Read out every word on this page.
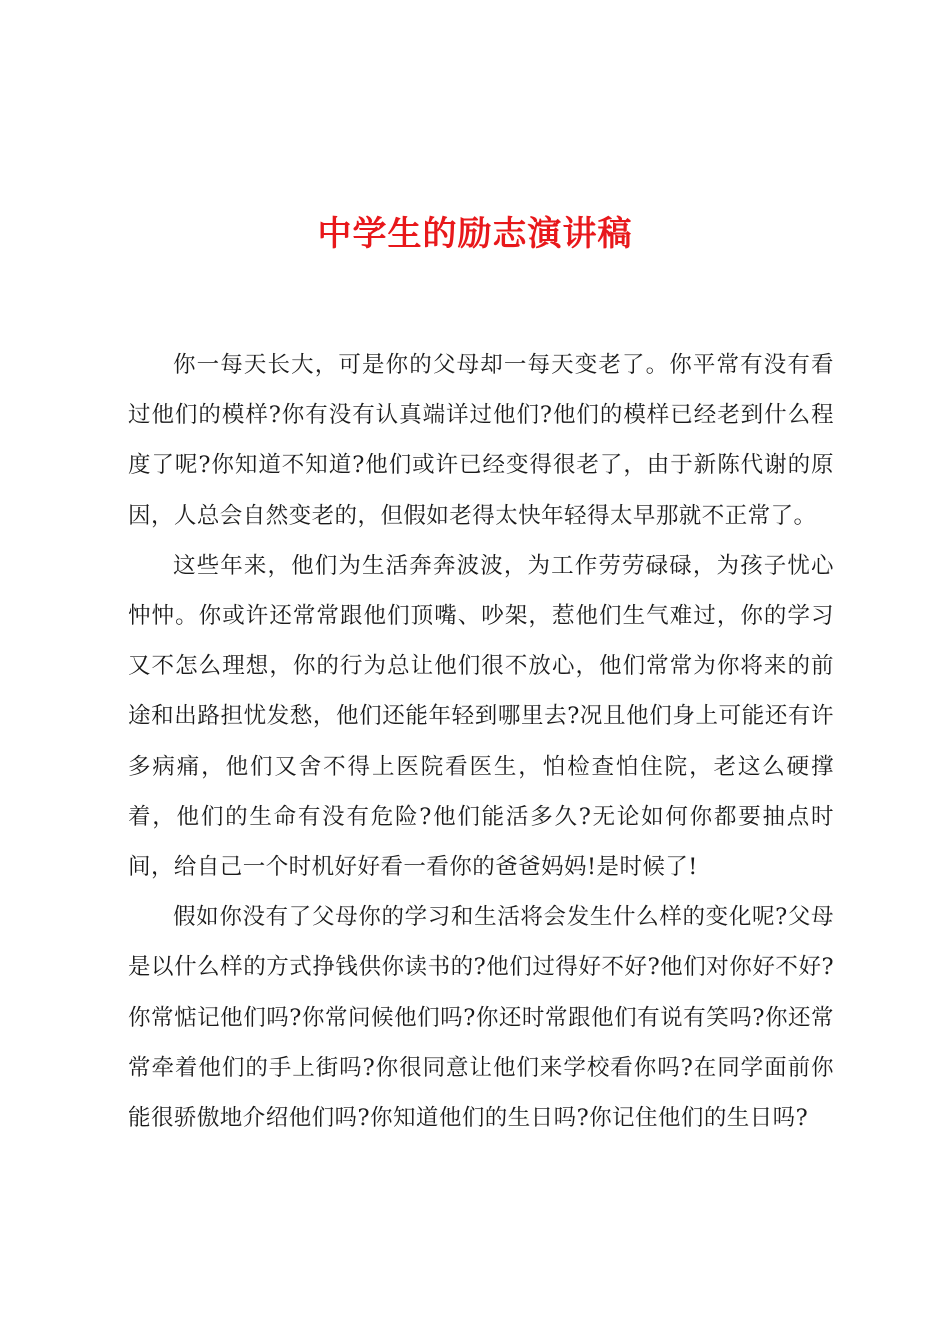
中学生的励志演讲稿

你一每天长大，可是你的父母却一每天变老了。你平常有没有看过他们的模样?你有没有认真端详过他们?他们的模样已经老到什么程度了呢?你知道不知道?他们或许已经变得很老了，由于新陈代谢的原因，人总会自然变老的，但假如老得太快年轻得太早那就不正常了。

这些年来，他们为生活奔奔波波，为工作劳劳碌碌，为孩子忧心忡忡。你或许还常常跟他们顶嘴、吵架，惹他们生气难过，你的学习又不怎么理想，你的行为总让他们很不放心，他们常常为你将来的前途和出路担忧发愁，他们还能年轻到哪里去?况且他们身上可能还有许多病痛，他们又舍不得上医院看医生，怕检查怕住院，老这么硬撑着，他们的生命有没有危险?他们能活多久?无论如何你都要抽点时间，给自己一个时机好好看一看你的爸爸妈妈!是时候了!

假如你没有了父母你的学习和生活将会发生什么样的变化呢?父母是以什么样的方式挣钱供你读书的?他们过得好不好?他们对你好不好?你常惦记他们吗?你常问候他们吗?你还时常跟他们有说有笑吗?你还常常牵着他们的手上街吗?你很同意让他们来学校看你吗?在同学面前你能很骄傲地介绍他们吗?你知道他们的生日吗?你记住他们的生日吗?
